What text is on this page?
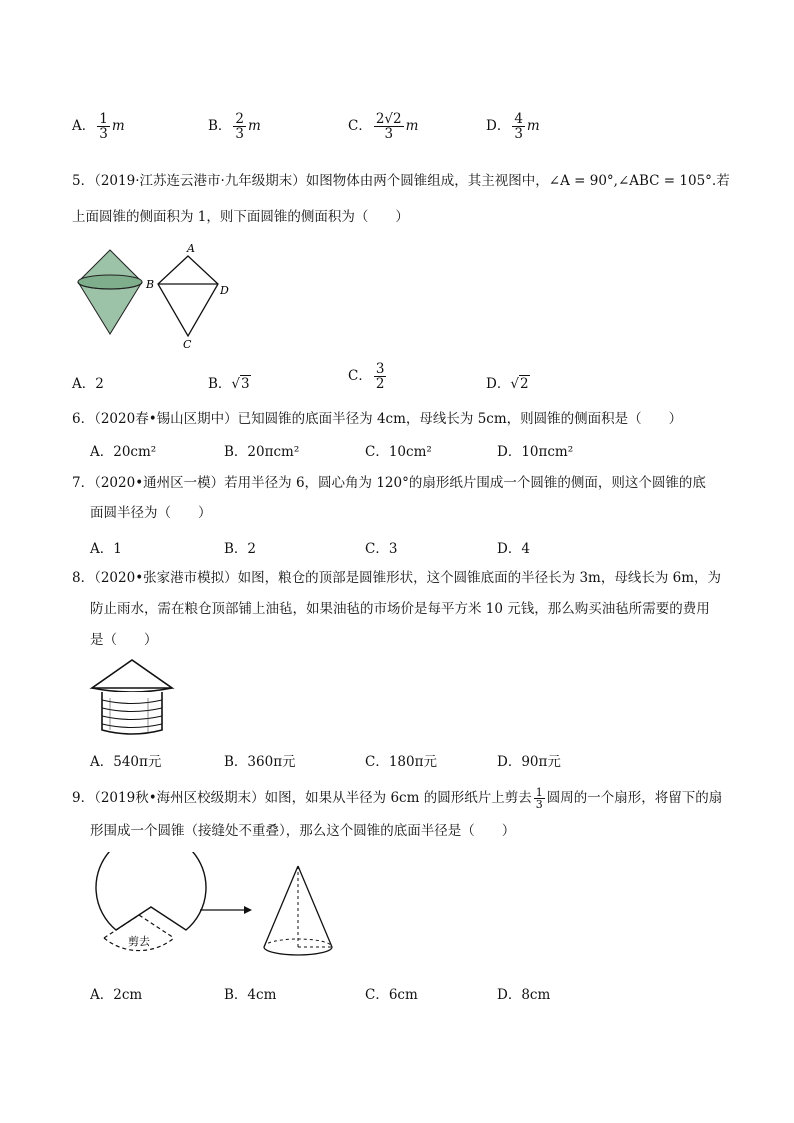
A． $\frac{1}{3}$ m	B． $\frac{2}{3}$ m	C． $\frac{2√2}{3}$ m	D． $\frac{4}{3}$ m
5．（2019·江苏连云港市·九年级期末）如图物体由两个圆锥组成，其主视图中，∠A = 90°,∠ABC = 105°.若
上面圆锥的侧面积为 1，则下面圆锥的侧面积为（　　）
A
B	D
C
A．2	B．√3	C． $\frac{3}{2}$	D．√2
6．（2020春•锡山区期中）已知圆锥的底面半径为 4cm，母线长为 5cm，则圆锥的侧面积是（　　）
A．20cm²	B．20πcm²	C．10cm²	D．10πcm²
7．（2020•通州区一模）若用半径为 6，圆心角为 120°的扇形纸片围成一个圆锥的侧面，则这个圆锥的底
面圆半径为（　　）
A．1	B．2	C．3	D．4
8．（2020•张家港市模拟）如图，粮仓的顶部是圆锥形状，这个圆锥底面的半径长为 3m，母线长为 6m，为
防止雨水，需在粮仓顶部铺上油毡，如果油毡的市场价是每平方米 10 元钱，那么购买油毡所需要的费用
是（　　）
A．540π元	B．360π元	C．180π元	D．90π元
9．（2019秋•海州区校级期末）如图，如果从半径为 6cm 的圆形纸片上剪去 $\frac{1}{3}$ 圆周的一个扇形，将留下的扇
形围成一个圆锥（接缝处不重叠），那么这个圆锥的底面半径是（　　）
剪去
A．2cm	B．4cm	C．6cm	D．8cm
